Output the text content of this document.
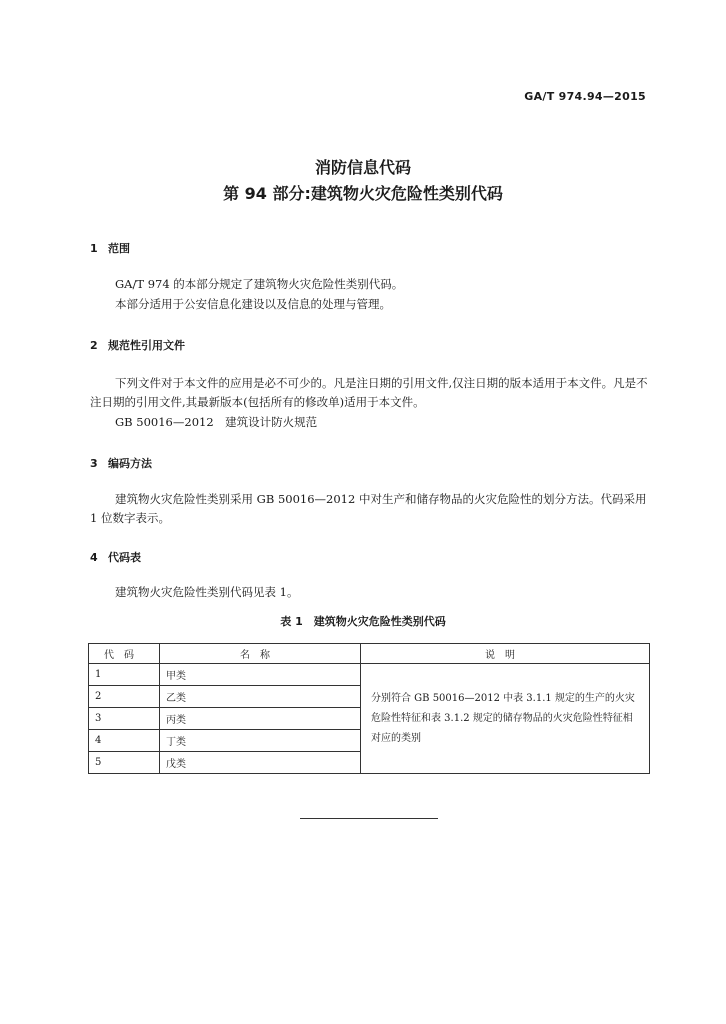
GA/T 974.94—2015
消防信息代码
第 94 部分:建筑物火灾危险性类别代码
1 范围
GA/T 974 的本部分规定了建筑物火灾危险性类别代码。
本部分适用于公安信息化建设以及信息的处理与管理。
2 规范性引用文件
下列文件对于本文件的应用是必不可少的。凡是注日期的引用文件,仅注日期的版本适用于本文件。凡是不注日期的引用文件,其最新版本(包括所有的修改单)适用于本文件。
GB 50016—2012　建筑设计防火规范
3 编码方法
建筑物火灾危险性类别采用 GB 50016—2012 中对生产和储存物品的火灾危险性的划分方法。代码采用 1 位数字表示。
4 代码表
建筑物火灾危险性类别代码见表 1。
表 1　建筑物火灾危险性类别代码
代码	名称	说明
1	甲类	分别符合 GB 50016—2012 中表 3.1.1 规定的生产的火灾危险性特征和表 3.1.2 规定的储存物品的火灾危险性特征相对应的类别
2	乙类	
3	丙类	
4	丁类	
5	戊类	
